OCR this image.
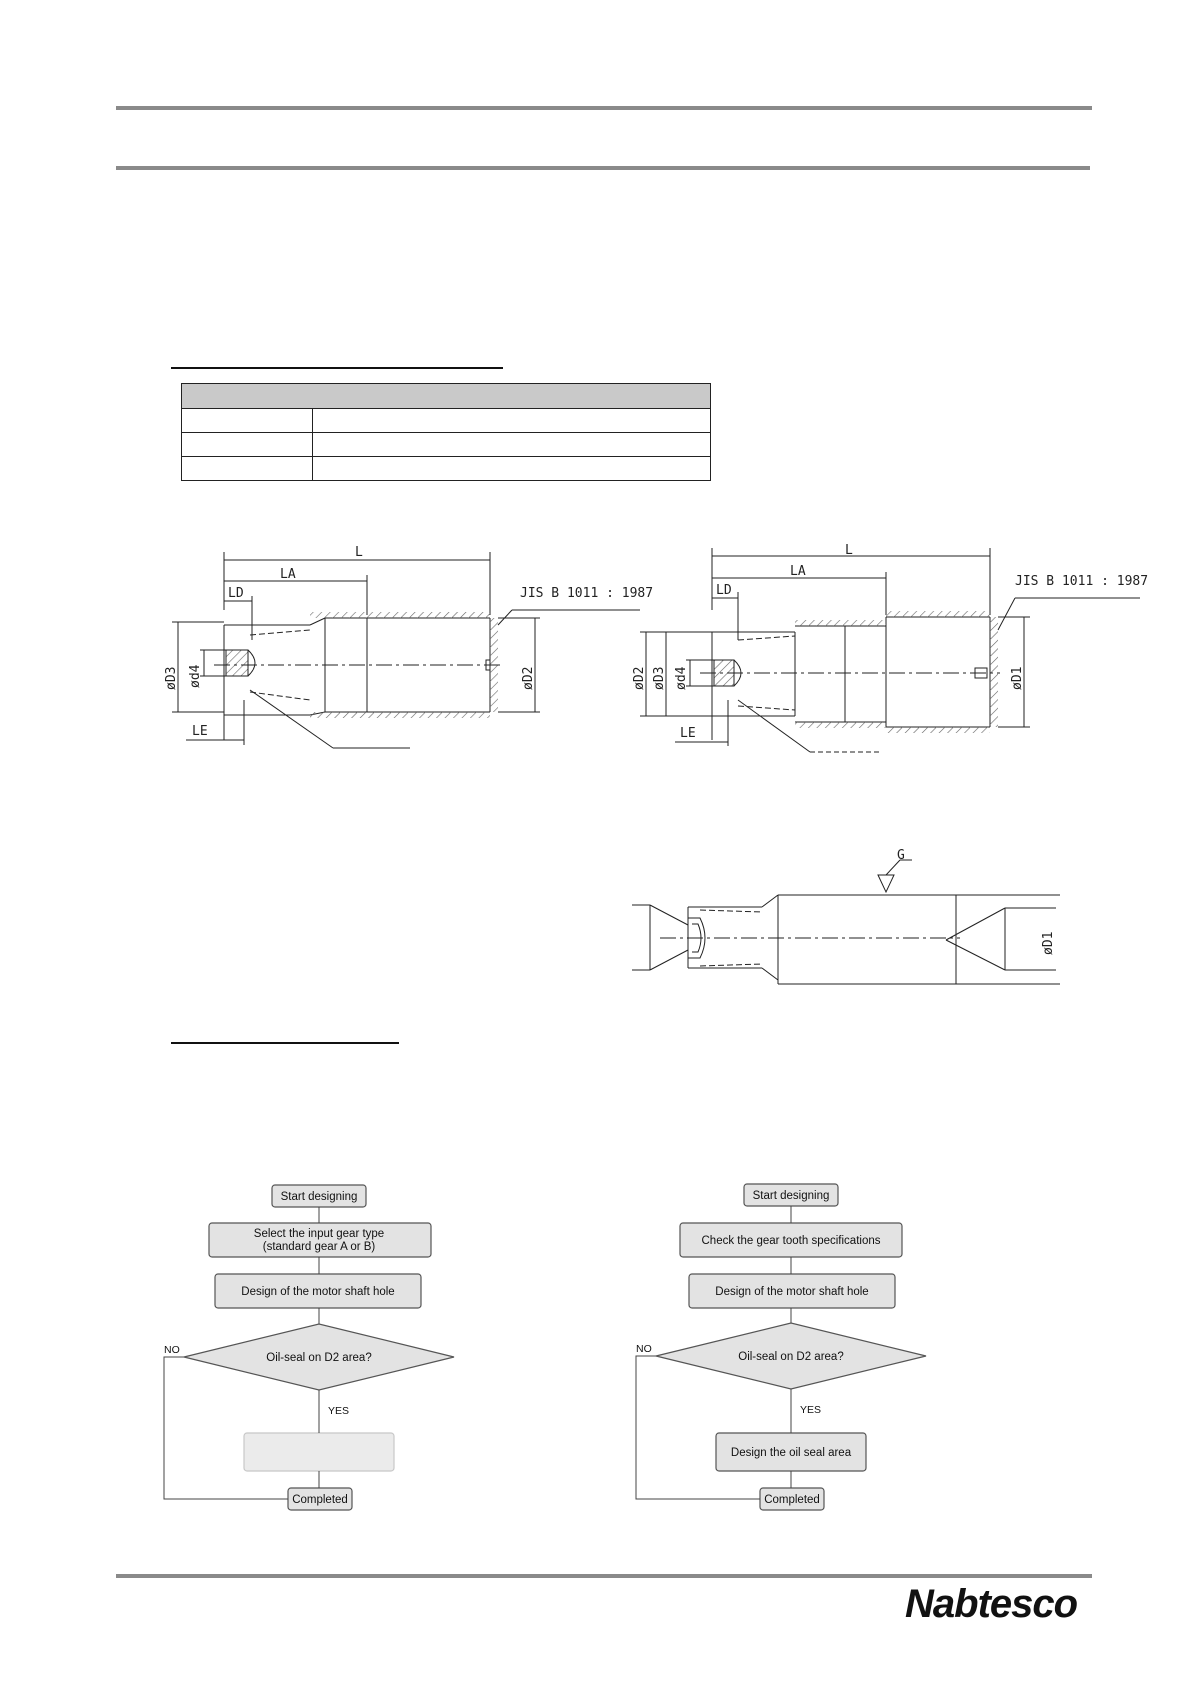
L
LA
LD
LE
JIS B 1011 : 1987
øD3 ød4	øD2
L
LA
LD
LE
JIS B 1011 : 1987
øD2 øD3 ød4	øD1
G
øD1
Start designing
Select the input gear type
(standard gear A or B)
Design of the motor shaft hole
Oil-seal on D2 area?
NO
YES
Completed
Start designing
Check the gear tooth specifications
Design of the motor shaft hole
Oil-seal on D2 area?
NO
YES
Design the oil seal area
Completed
Nabtesco
